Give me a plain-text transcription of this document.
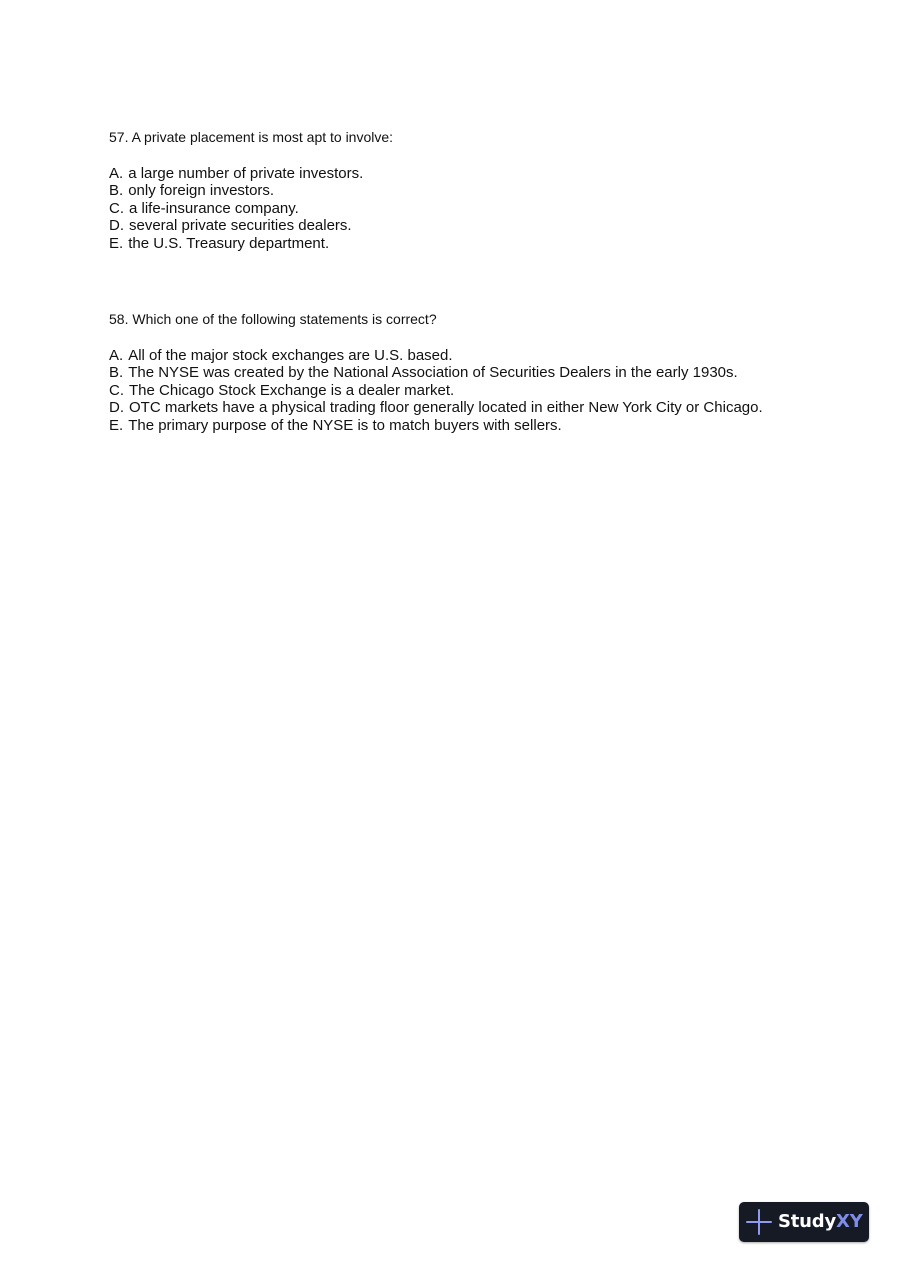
57. A private placement is most apt to involve:

A. a large number of private investors.
B. only foreign investors.
C. a life-insurance company.
D. several private securities dealers.
E. the U.S. Treasury department.

58. Which one of the following statements is correct?

A. All of the major stock exchanges are U.S. based.
B. The NYSE was created by the National Association of Securities Dealers in the early 1930s.
C. The Chicago Stock Exchange is a dealer market.
D. OTC markets have a physical trading floor generally located in either New York City or Chicago.
E. The primary purpose of the NYSE is to match buyers with sellers.
StudyXY
